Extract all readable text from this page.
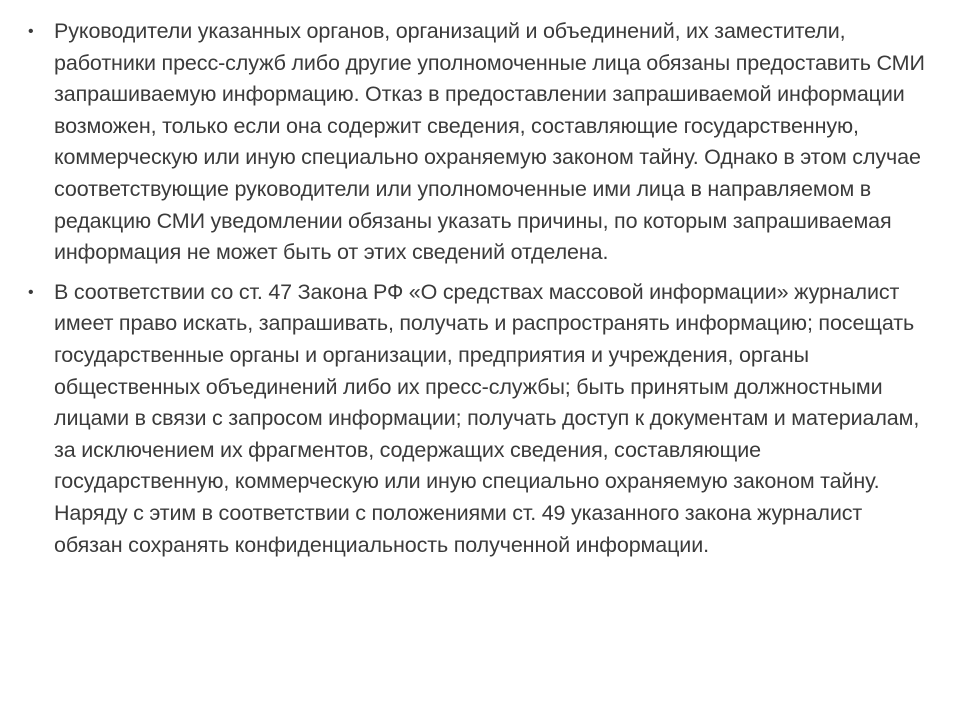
• Руководители указанных органов, организаций и объединений, их заместители, работники пресс-служб либо другие уполномоченные лица обязаны предоставить СМИ запрашиваемую информацию. Отказ в предоставлении запрашиваемой информации возможен, только если она содержит сведения, составляющие государственную, коммерческую или иную специально охраняемую законом тайну. Однако в этом случае соответствующие руководители или уполномоченные ими лица в направляемом в редакцию СМИ уведомлении обязаны указать причины, по которым запрашиваемая информация не может быть от этих сведений отделена.
• В соответствии со ст. 47 Закона РФ «О средствах массовой информации» журналист имеет право искать, запрашивать, получать и распространять информацию; посещать государственные органы и организации, предприятия и учреждения, органы общественных объединений либо их пресс-службы; быть принятым должностными лицами в связи с запросом информации; получать доступ к документам и материалам, за исключением их фрагментов, содержащих сведения, составляющие государственную, коммерческую или иную специально охраняемую законом тайну. Наряду с этим в соответствии с положениями ст. 49 указанного закона журналист обязан сохранять конфиденциальность полученной информации.
